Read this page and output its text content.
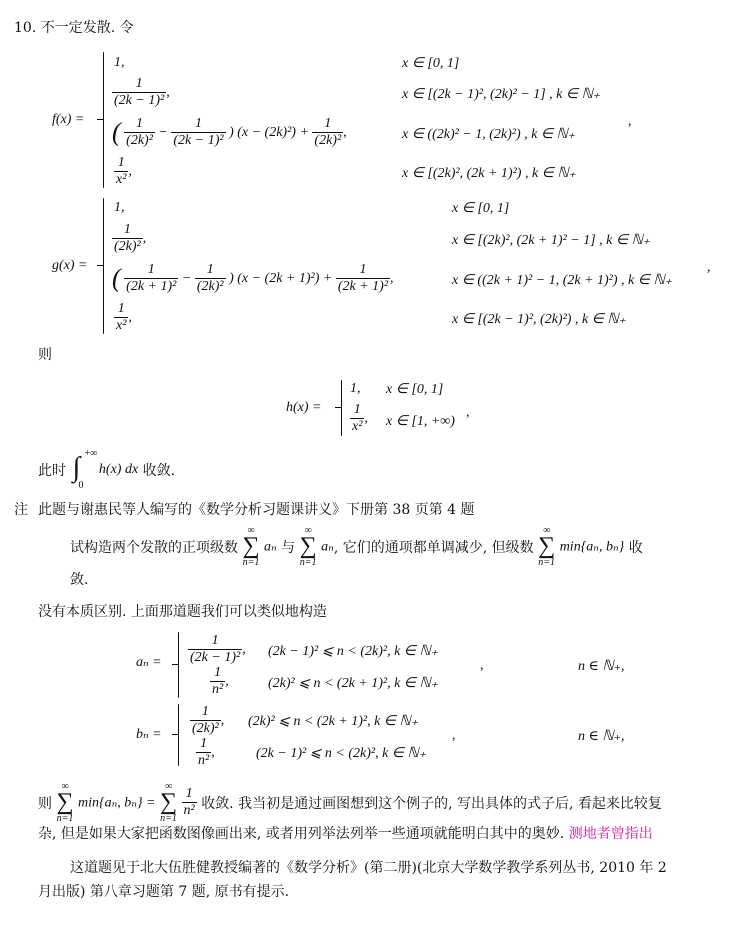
10. 不一定发散. 令
f(x) =
1,	x ∈ [0, 1]
$\frac{1}{\text{(2k − 1)²}}$ ,	x ∈ [(2k − 1)², (2k)² − 1] , k ∈ ℕ₊
( $\frac{1}{\text{(2k)²}} - \frac{1}{\text{(2k − 1)²}}$ ) $(x - (2k)^2) + \frac{1}{\text{(2k)²}}$ ,	x ∈ ((2k)² − 1, (2k)²) , k ∈ ℕ₊
,
$\frac{1}{\text{x²}}$ ,	x ∈ [(2k)², (2k + 1)²) , k ∈ ℕ₊
g(x) =
1,	x ∈ [0, 1]
$\frac{1}{\text{(2k)²}}$ ,	x ∈ [(2k)², (2k + 1)² − 1] , k ∈ ℕ₊
( $\frac{1}{\text{(2k + 1)²}} - \frac{1}{\text{(2k)²}}$ ) $(x - (2k + 1)^2) + \frac{1}{\text{(2k + 1)²}}$ ,	x ∈ ((2k + 1)² − 1, (2k + 1)²) , k ∈ ℕ₊
,
$\frac{1}{\text{x²}}$ ,	x ∈ [(2k − 1)², (2k)²) , k ∈ ℕ₊
则
h(x) =
1, x ∈ [0, 1]
$\frac{1}{\text{x²}}$ , x ∈ [1, +∞)
,
此时 ∫ +∞
0
h(x) dx 收敛.
注 此题与谢惠民等人编写的《数学分析习题课讲义》下册第 38 页第 4 题
试构造两个发散的正项级数 ∞
∑
n=1 aₙ 与 ∞
∑
n=1 aₙ, 它们的通项都单调减少, 但级数 ∞
∑
n=1 min{aₙ, bₙ} 收
敛.
没有本质区别. 上面那道题我们可以类似地构造
$a_n = \frac{1}{\text{(2k − 1)²}}$ , (2k − 1)² ⩽ n < (2k)², k ∈ ℕ₊
$\frac{1}{\text{n²}}$ ,	(2k)² ⩽ n < (2k + 1)², k ∈ ℕ₊
,	n ∈ ℕ₊,
$b_n = \frac{1}{\text{(2k)²}}$ , (2k)² ⩽ n < (2k + 1)², k ∈ ℕ₊
$\frac{1}{\text{n²}}$ ,	(2k − 1)² ⩽ n < (2k)², k ∈ ℕ₊
,	n ∈ ℕ₊,
则 ∞
∑
n=1 min{aₙ, bₙ} = ∞
∑
$n=1 \frac{1}{\text{n²}}$ 收敛. 我当初是通过画图想到这个例子的, 写出具体的式子后, 看起来比较复
杂, 但是如果大家把函数图像画出来, 或者用列举法列举一些通项就能明白其中的奥妙. 测地者曾指出
这道题见于北大伍胜健教授编著的《数学分析》(第二册)(北京大学数学教学系列丛书, 2010 年 2
月出版) 第八章习题第 7 题, 原书有提示.
